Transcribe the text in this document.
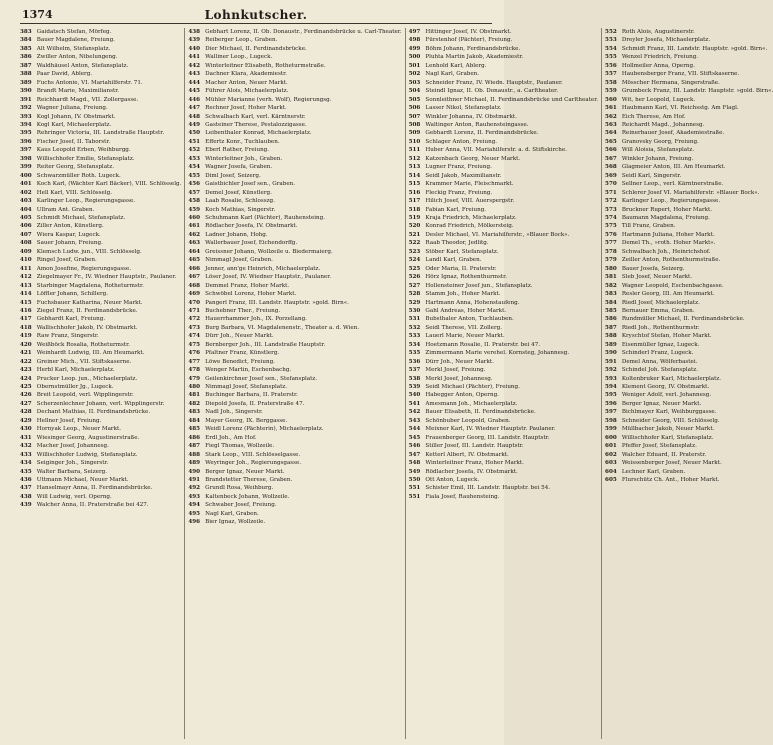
1374	Lohnkutscher.
383 Gaidatsch Stefan, Mörfeg.
384 Bauer Magdalene, Freiung.
385 Alt Wilhelm, Stefansplatz.
386 Zwiller Anton, Nibelungeng.
387 Waldhäusel Anton, Stefansplatz.
388 Paar David, Ablerg.
389 Fuchs Antonie, VI. Mariahilferstr. 71.
390 Brandt Marie, Maximilianstr.
391 Reichhardt Magd., VII. Zollergasse.
392 Wagner Juliana, Freiung.
393 Kogl Johann, IV. Obstmarkt.
394 Kogl Karl, Michaelerplatz.
395 Rehringer Victoria, III. Landstraße Hauptstr.
396 Fischer Josef, II. Taborstr.
397 Kaus Leopold Erben, Weihburgg.
398 Willischhofer Emilie, Stefansplatz.
399 Reiter Georg, Stefansplatz.
400 Schwarzmüller Roth. Lugeck.
401 Koch Karl, (Wächter Karl Bäcker), VIII. Schlösselg.
402 Hell Karl, VIII. Schlösselg.
403 Karlinger Leop., Regierungsgasse.
404 Ullram Ant. Graben.
405 Schmidt Michael, Stefansplatz.
406 Ziller Anton, Künstlerg.
407 Wiera Kaspar, Lugeck.
408 Sauer Johann, Freiung.
409 Klemsch Ludw. jun., VIII. Schlösselg.
410 Ringel Josef, Graben.
411 Amon Josefine, Regierungsgasse.
412 Ziegelmayer Fr., IV. Wiedner Hauptstr., Paulaner.
413 Starbinger Magdalena, Rotheturmstr.
414 Löffler Johann, Schillerg.
415 Fuchsbauer Katharina, Neuer Markt.
416 Ziegel Franz, II. Ferdinandsbrücke.
417 Gebhardt Karl, Freiung.
418 Wallischhofer Jakob, IV. Obstmarkt.
419 Raw Franz, Singerstr.
420 Weißböck Rosalia, Rotheturmstr.
421 Weinhardt Ludwig, III. Am Heumarkt.
422 Greiner Mich., VII. Stiftskaserne.
423 Herbl Karl, Michaelerplatz.
424 Prucker Leop. jun., Michaelerplatz.
425 Obernstmüller Jg., Lugeck.
426 Breit Leopold, verl. Wipplingerstr.
427 Scherzenlechner Johann, verl. Wipplingerstr.
428 Dechant Mathias, II. Ferdinandsbrücke.
429 Hellner Josef, Freiung.
430 Hornyak Leop., Neuer Markt.
431 Wiesinger Georg, Augustinerstraße.
432 Macher Josef, Johannesg.
433 Willischhofer Ludwig, Stefansplatz.
434 Seiginger Joh., Singerstr.
435 Walter Barbara, Seizerg.
436 Uttmann Michael, Neuer Markt.
437 Hanselmayr Anna, II. Ferdinandsbrücke.
438 Will Ludwig, verl. Operng.
439 Walcher Anna, II. Praterstraße bei 427.
438 Gebhart Lorenz, II. Ob. Donaustr., Ferdinandsbrücke u. Carl-Theater.
439 Reiberger Leop., Graben.
440 Dier Michael, II. Ferdinandsbrücke.
441 Walliner Leop., Lugeck.
442 Winterleitner Elisabeth, Rotheturmstraße.
443 Dachner Klara, Akademiestr.
444 Macher Anton, Neuer Markt.
445 Führer Alois, Michaelerplatz.
446 Mühler Marianne (verh. Wolf), Regierungsg.
447 Rechner Josef, Hoher Markt.
448 Schwalbach Karl, verl. Kärntnerstr.
449 Gasteiner Therese, Pestalozzigasse.
450 Leibenthaler Konrad, Michaelerplatz.
451 Effertz Konr., Tuchlauben.
452 Eberl Rather, Freiung.
453 Winterleitner Joh., Graben.
454 Wagner Josefa, Graben.
455 Diml Josef, Seizerg.
456 Gaistbichler Josef sen., Graben.
457 Demel Josef, Künstlerg.
458 Laab Rosalie, Schlosszg.
459 Koch Mathias, Singerstr.
460 Schuhmann Karl (Pächter), Rauhensteing.
461 Rödlacher Josefa, IV. Obstmarkt.
462 Ladner Johann, Hohg.
463 Wallerbauer Josef, Eichendorffg.
464 Greissner Johann, Wollzeile u. Biedermaierg.
465 Nimmagl Josef, Graben.
466 Jenner, ann'ge Heinrich, Michaelerplatz.
467 Löser Josef, IV. Wiedner Hauptstr., Paulaner.
468 Demmel Franz, Hoher Markt.
469 Schwöbel Lorenz, Hoher Markt.
470 Pangerl Franz, III. Landstr. Hauptstr. »gold. Birn«.
471 Buchebner Ther., Freiung.
472 Hauerrhammer Joh., IX. Porzellang.
473 Burg Barbara, VI. Magdalenenstr., Theater a. d. Wien.
474 Dürr Joh., Neuer Markt.
475 Bernberger Joh., III. Landstraße Hauptstr.
476 Pfaltner Franz, Künstlerg.
477 Löwe Benedict, Freiung.
478 Wenger Martin, Eschenbachg.
479 Geilenkirchner Josef sen., Stefansplatz.
480 Nimmagl Josef, Stefansplatz.
481 Buchinger Barbara, II. Praterstr.
482 Diepold Josefa, II. Praterstraße 47.
483 Nadl Joh., Singerstr.
484 Mayer Georg, IX. Berggasse.
485 Weidl Lorenz (Pächterin), Michaelerplatz.
486 Erdl Joh., Am Hof.
487 Fiegl Thomas, Wollzeile.
488 Stark Leop., VIII. Schlösselgasse.
489 Weyringer Joh., Regierungsgasse.
490 Berger Ignaz, Neuer Markt.
491 Brandstetter Therese, Graben.
492 Grundl Rosa, Weihburg.
493 Kaltenbeck Johann, Wollzeile.
494 Schwaber Josef, Freiung.
495 Nagl Karl, Graben.
496 Bier Ignaz, Wollzeile.
497 Hittinger Josef, IV. Obstmarkt.
498 Fürstenhof (Pächter), Freiung.
499 Böhm Johann, Ferdinandsbrücke.
500 Pluhta Martin Jakob, Akademiestr.
501 Lenhold Karl, Ablerg.
502 Nagl Karl, Graben.
503 Schneider Franz, IV. Wiedn. Hauptstr., Paulaner.
504 Steindl Ignaz, II. Ob. Donaustr., a. Carltheater.
505 Sonnleithner Michael, II. Ferdinandsbrücke und Carltheater.
506 Lasser Nikol, Stefansplatz.
507 Winkler Johanna, IV. Obstmarkt.
508 Waltinger Anton, Rauhensteingasse.
509 Gebhardt Lorenz, II. Ferdinandsbrücke.
510 Schlager Anton, Freiung.
511 Huber Anna, VII. Mariahilferstr. a. d. Stiftskirche.
512 Katzenbach Georg, Neuer Markt.
513 Lugner Franz, Freiung.
514 Seidl Jakob, Maximilianstr.
515 Krammer Marie, Fleischmarkt.
516 Fleckig Franz, Freiung.
517 Hilich Josef, VIII. Auerspergstr.
518 Fabian Karl, Freiung.
519 Kraja Friedrich, Michaelerplatz.
520 Konrad Friedrich, Mölkersteig.
521 Desler Michael, VI. Mariahilferstr., »Blauer Bock«.
522 Raab Theodor, Jedlitg.
523 Stöber Karl, Stefansplatz.
524 Landl Karl, Graben.
525 Oder Maria, II. Praterstr.
526 Hörz Ignaz, Rothenthurmstr.
527 Hollensteiner Josef jun., Stefansplatz.
528 Stamm Joh., Hoher Markt.
529 Hartmann Anna, Hohenstaufeng.
530 Gahl Andreas, Hoher Markt.
531 Bubsthaler Anton, Tuchlauben.
532 Seidl Therese, VII. Zollerg.
533 Lauerl Marie, Neuer Markt.
534 Hoetzmann Rosalie, II. Praterstr. bei 47.
535 Zimmermann Marie verehel. Kornsteg, Johannesg.
536 Dürr Joh., Neuer Markt.
537 Merkl Josef, Freiung.
538 Merkl Josef, Johannesg.
539 Seidl Michael (Pächter), Freiung.
540 Habegger Anton, Operng.
541 Amesmann Joh., Michaelerplatz.
542 Bauer Elisabeth, II. Ferdinandsbrücke.
543 Schönbuber Leopold, Graben.
544 Meixner Karl, IV. Wiedner Hauptstr. Paulaner.
545 Frauenberger Georg, III. Landstr. Hauptstr.
546 Stiller Josef, III. Landstr. Hauptstr.
547 Ketterl Albert, IV. Obstmarkt.
548 Winterleitner Franz, Hoher Markt.
549 Rödlacher Josefa, IV. Obstmarkt.
550 Ott Anton, Lugeck.
551 Schister Emil, III. Landstr. Hauptstr. bei 54.
551 Fiala Josef, Rauhensteing.
552 Roth Alois, Augustinerstr.
553 Dreyler Josefa, Michaelerplatz.
554 Schmidt Franz, III. Landstr. Hauptstr. »gold. Birn«.
555 Wenzel Friedrich, Freiung.
556 Hollmeiler Anna, Operng.
557 Haubensberger Franz, VII. Stiftskaserne.
558 Mösscher Hermana, Singerstraße.
559 Grumbeck Franz, III. Landstr. Hauptstr. »gold. Birn«.
560 Wit, her Leopold, Lugeck.
561 Haubmann Karl, VI. Reichsstg. Am Flagl.
562 Eich Therese, Am Hof.
563 Reichardt Magd., Johannesg.
564 Reinerbauer Josef, Akademiestraße.
565 Granovsky Georg, Freiung.
566 Will Aloisia, Stefansplatz.
567 Winkler Johann, Freiung.
568 Glagmeier Anton, III. Am Heumarkt.
569 Seidl Karl, Singerstr.
570 Sellner Leop., verl. Kärntnerstraße.
571 Schlerer Josef VI. Mariahilferstr. »Blauer Bock«.
572 Karlinger Leop., Regierungsgasse.
573 Bruckner Rupert, Hoher Markt.
574 Baumann Magdalena, Freiung.
575 Till Franz, Graben.
576 Hartmann Juliana, Hoher Markt.
577 Demel Th., »roth. Hoher Markt«.
578 Schwalbach Joh., Heinrichshof.
579 Zeiller Anton, Rothenthurmstraße.
580 Bauer Josefa, Seizerg.
581 Sleb Josef, Neuer Markt.
582 Wagner Leopold, Eschenbachgasse.
583 Resler Georg, III. Am Heumarkt.
584 Riedl Josef, Michaelerplatz.
585 Bernauer Emma, Graben.
586 Rundmüller Michael, II. Ferdinandsbrücke.
587 Riedl Joh., Rothenthurmstr.
588 Kryschtof Stefan, Hoher Markt.
589 Eisenmüller Ignaz, Lugeck.
590 Schinderl Franz, Lugeck.
591 Demel Anna, Wölferbastei.
592 Schindel Joh. Stefansplatz.
593 Koltenbruker Karl, Michaelerplatz.
594 Klement Georg, IV. Obstmarkt.
595 Weniger Adolf, verl. Johannesg.
596 Berger Ignaz, Neuer Markt.
597 Bichlmayer Karl, Weihburggasse.
598 Schneider Georg, VIII. Schlösselg.
599 Müllbacher Jakob, Neuer Markt.
600 Willischhofer Karl, Stefansplatz.
601 Pfeffer Josef, Stefansplatz.
602 Walcher Eduard, II. Praterstr.
603 Weissenberger Josef, Neuer Markt.
604 Lechner Karl, Graben.
605 Flurschütz Ch. Ant., Hoher Markt.
